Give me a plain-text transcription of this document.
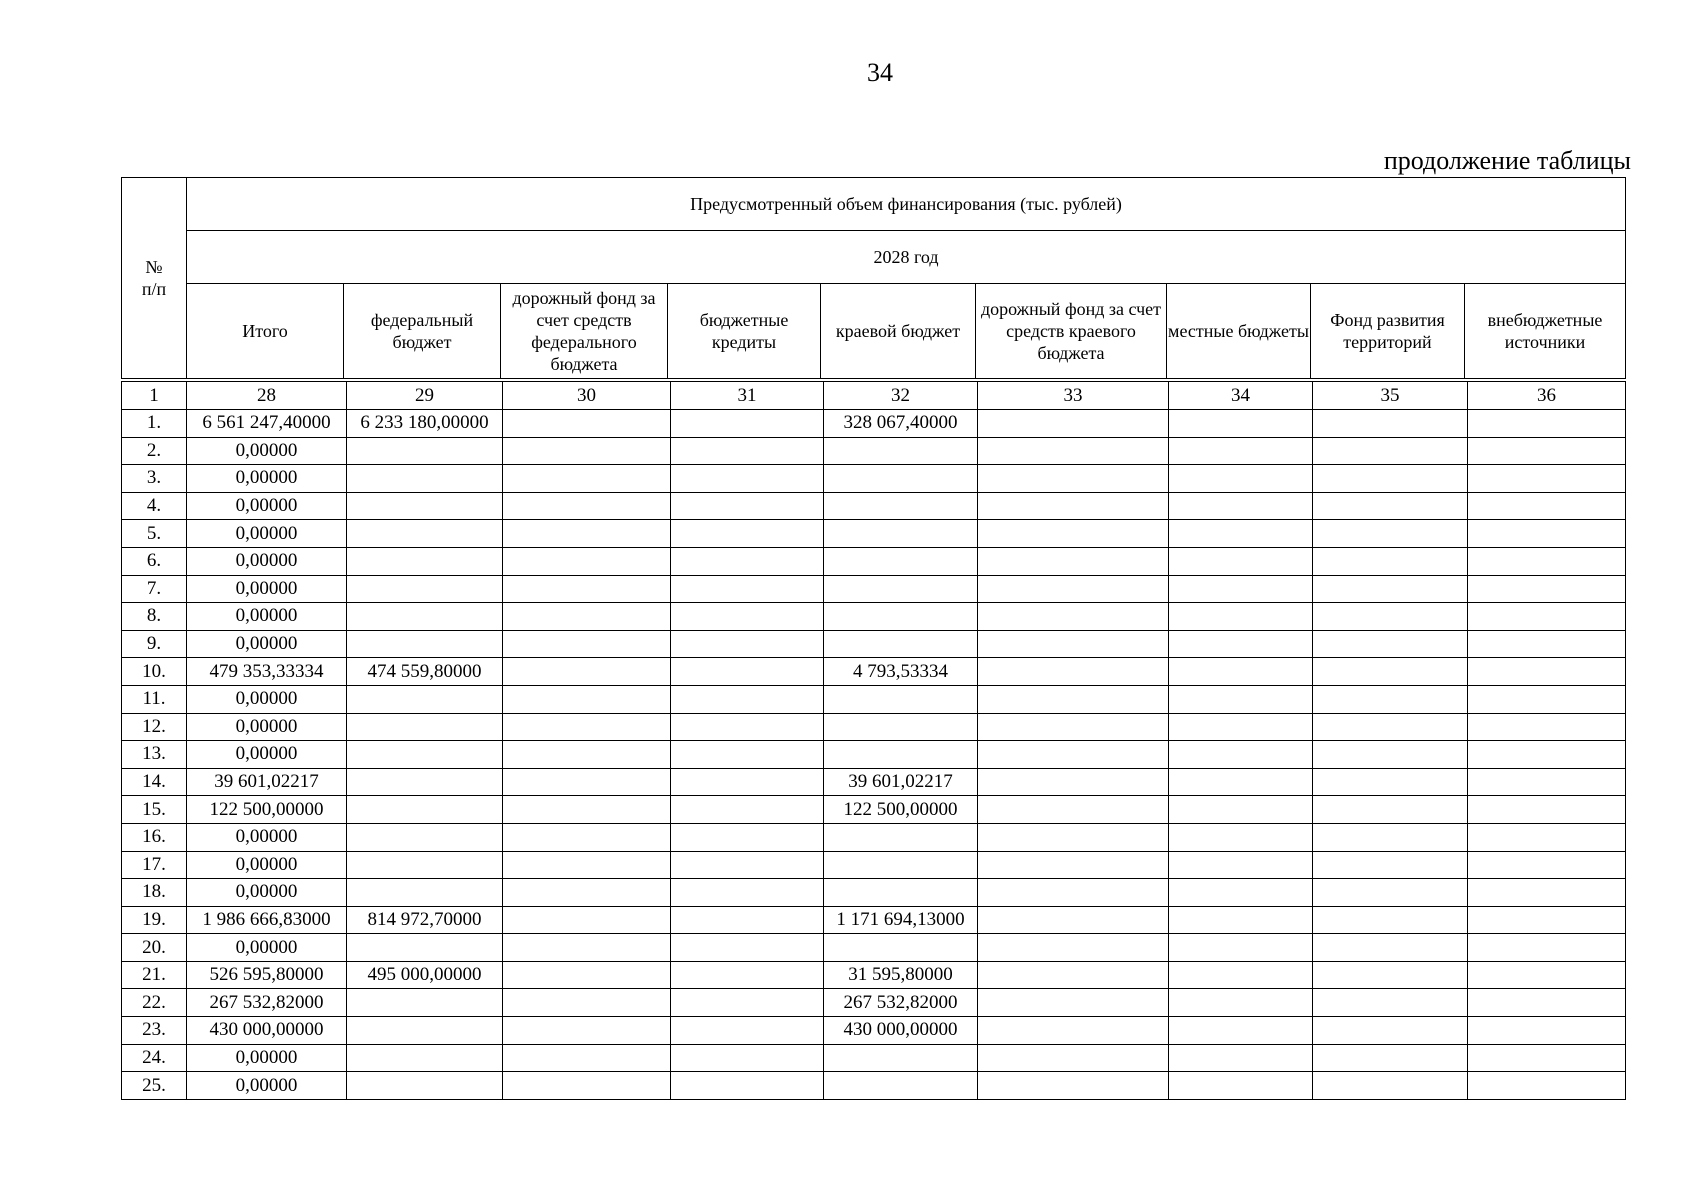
34
продолжение таблицы
№
п/п	Предусмотренный объем финансирования (тыс. рублей)								
	2028 год								
	Итого	федеральный бюджет	дорожный фонд за счет средств федерального бюджета	бюджетные кредиты	краевой бюджет	дорожный фонд за счет средств краевого бюджета	местные бюджеты	Фонд развития территорий	внебюджетные источники
1	28	29	30	31	32	33	34	35	36
1.	6 561 247,40000	6 233 180,00000			328 067,40000				
2.	0,00000								
3.	0,00000								
4.	0,00000								
5.	0,00000								
6.	0,00000								
7.	0,00000								
8.	0,00000								
9.	0,00000								
10.	479 353,33334	474 559,80000			4 793,53334				
11.	0,00000								
12.	0,00000								
13.	0,00000								
14.	39 601,02217				39 601,02217				
15.	122 500,00000				122 500,00000				
16.	0,00000								
17.	0,00000								
18.	0,00000								
19.	1 986 666,83000	814 972,70000			1 171 694,13000				
20.	0,00000								
21.	526 595,80000	495 000,00000			31 595,80000				
22.	267 532,82000				267 532,82000				
23.	430 000,00000				430 000,00000				
24.	0,00000								
25.	0,00000								
